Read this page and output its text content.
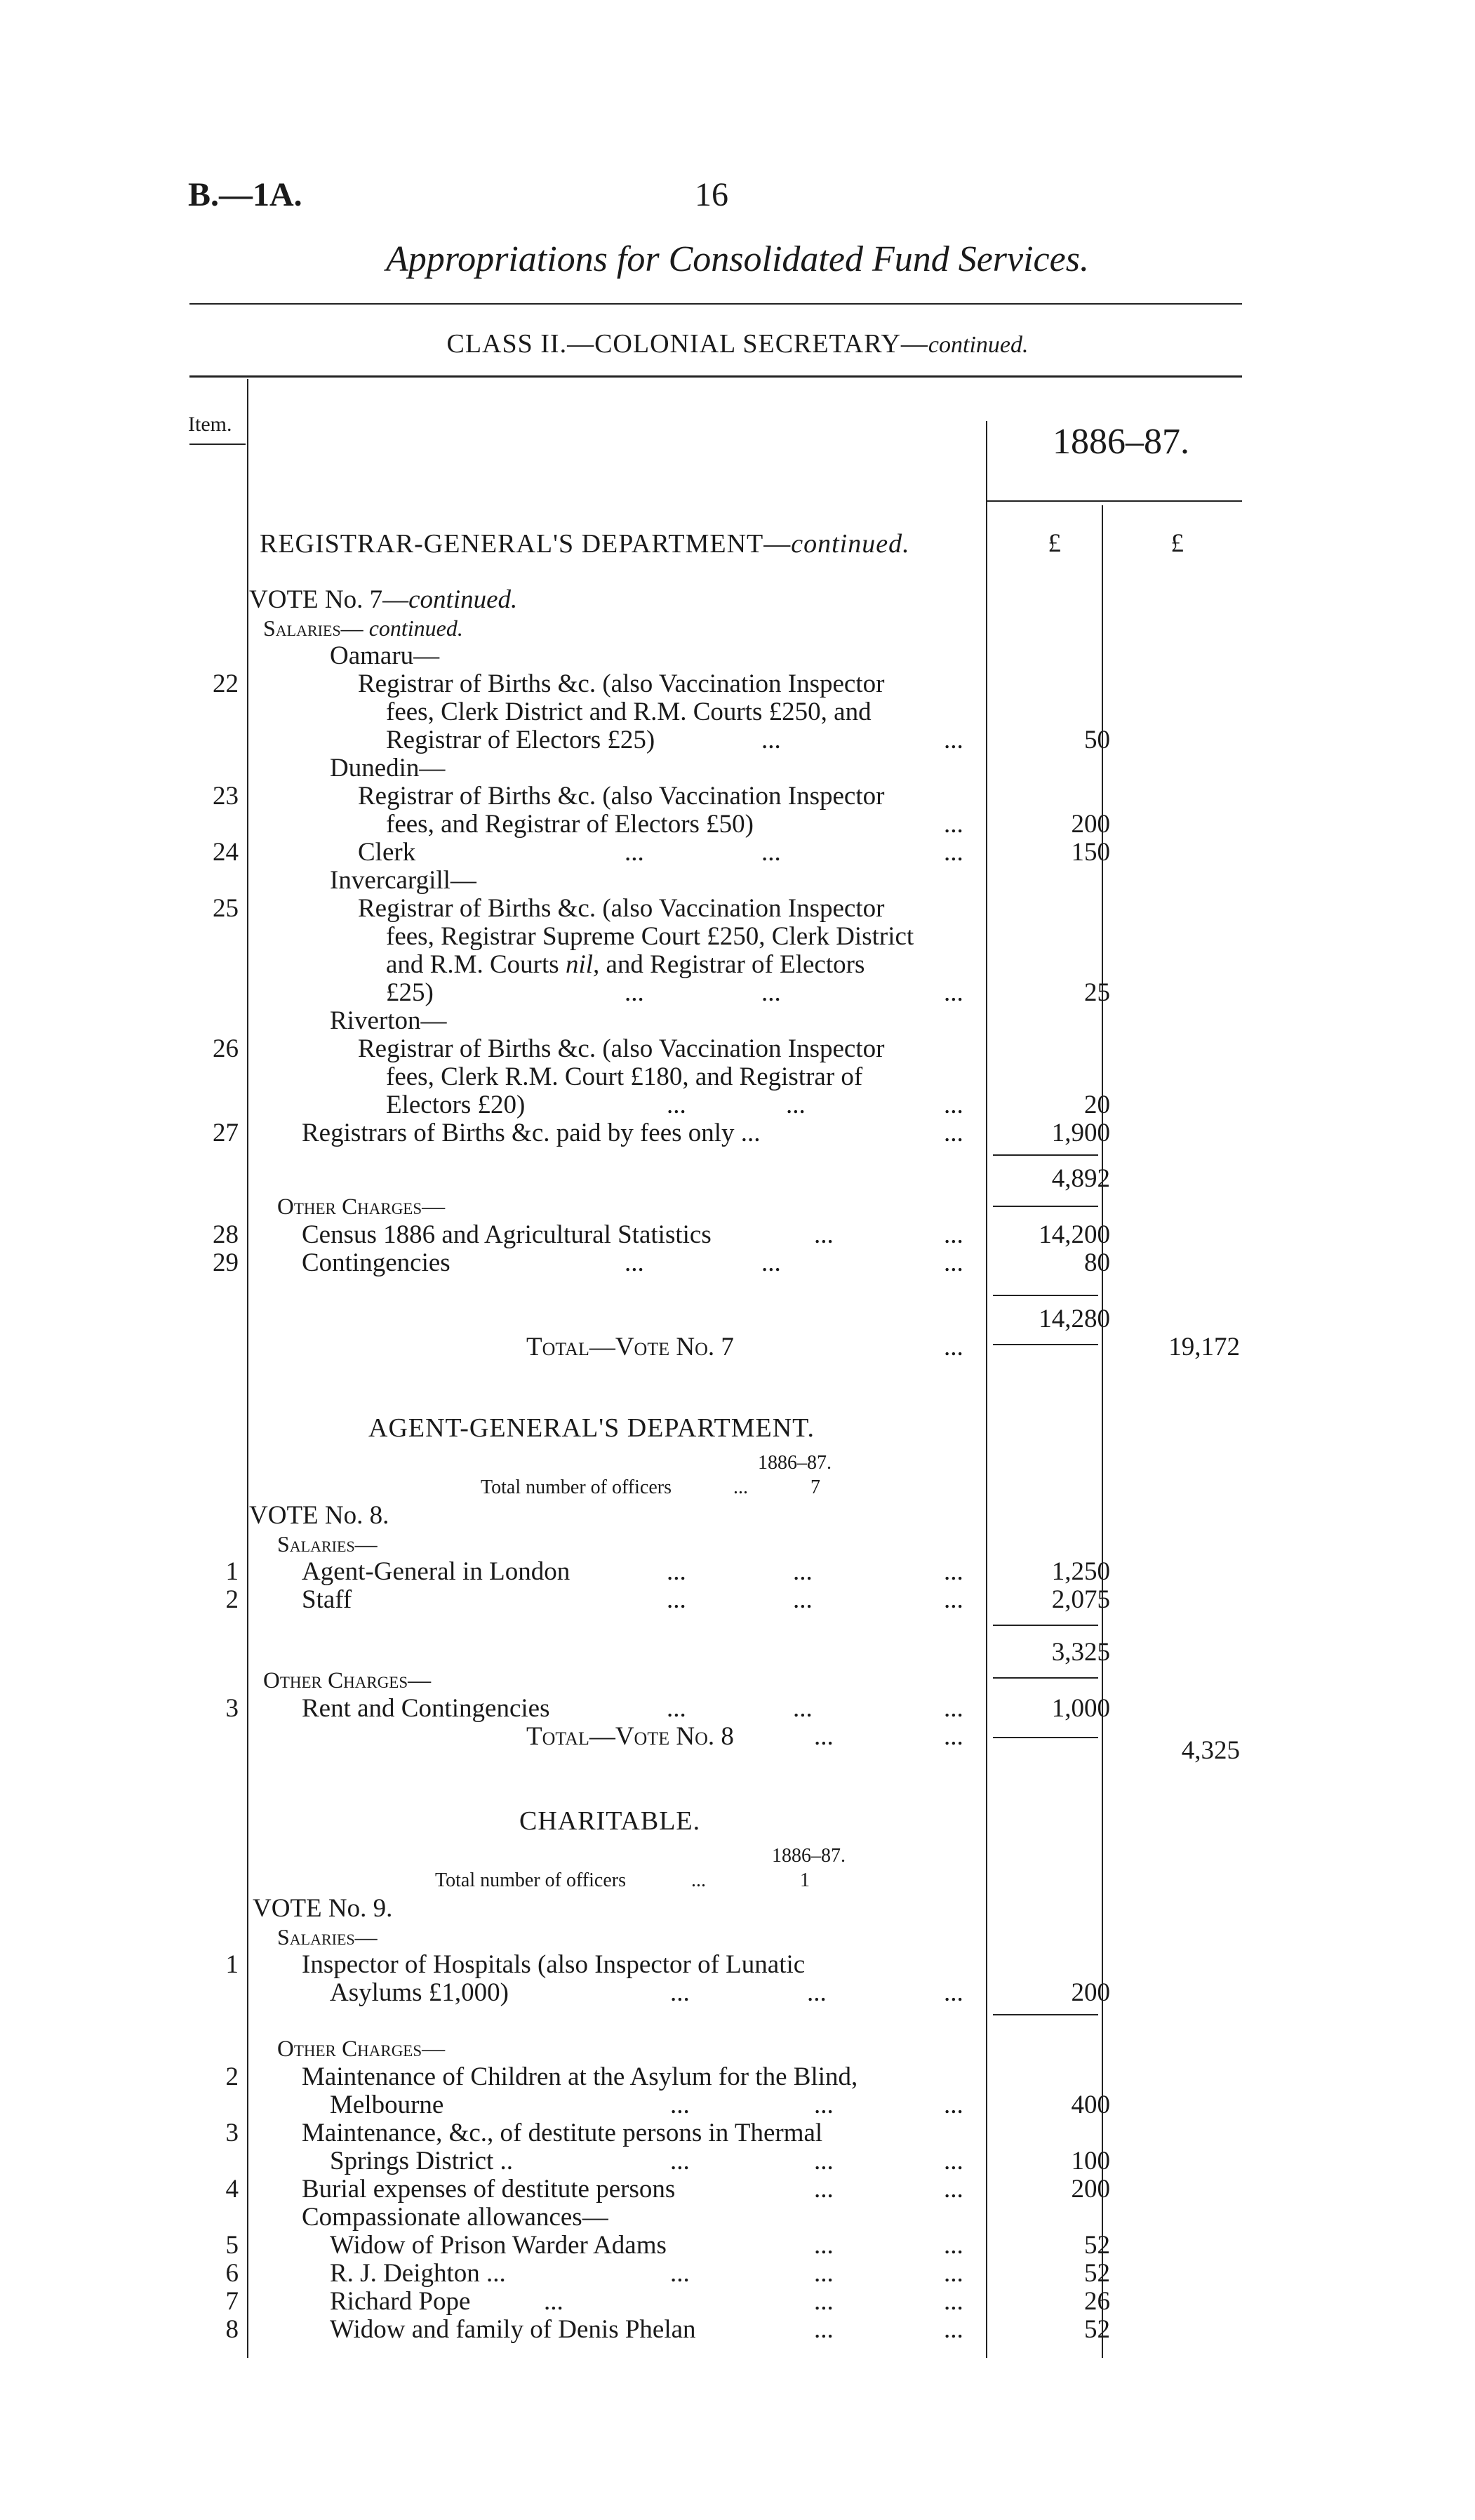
B.—1A.	16
Appropriations for Consolidated Fund Services.
CLASS II.—COLONIAL SECRETARY—continued.
Item.	1886–87.
REGISTRAR-GENERAL'S DEPARTMENT—continued.	£	£
VOTE No. 7—continued.
Salaries— continued.
Oamaru—
22	Registrar of Births &c. (also Vaccination Inspector
fees, Clerk District and R.M. Courts £250, and
Registrar of Electors £25)	...	...	50
Dunedin—
23	Registrar of Births &c. (also Vaccination Inspector
fees, and Registrar of Electors £50)	...	200
24	Clerk	...	...	...	150
Invercargill—
25	Registrar of Births &c. (also Vaccination Inspector
fees, Registrar Supreme Court £250, Clerk District
and R.M. Courts nil, and Registrar of Electors
£25)	...	...	...	25
Riverton—
26	Registrar of Births &c. (also Vaccination Inspector
fees, Clerk R.M. Court £180, and Registrar of
Electors £20)	...	...	...	20
27 Registrars of Births &c. paid by fees only ...	...	1,900
4,892
Other Charges—
28 Census 1886 and Agricultural Statistics	...	...	14,200
29 Contingencies	...	...	...	80
14,280
Total—Vote No. 7	...	19,172
AGENT-GENERAL'S DEPARTMENT.
1886–87.
Total number of officers	...	7
VOTE No. 8.
Salaries—
1 Agent-General in London	...	...	...	1,250
2 Staff	...	...	...	2,075
3,325
Other Charges—
3 Rent and Contingencies	...	...	...	1,000
Total—Vote No. 8	...	...	4,325
CHARITABLE.
1886–87.
Total number of officers	...	1
VOTE No. 9.
Salaries—
1 Inspector of Hospitals (also Inspector of Lunatic
Asylums £1,000)	...	...	...	200
Other Charges—
2 Maintenance of Children at the Asylum for the Blind,
Melbourne	...	...	...	400
3 Maintenance, &c., of destitute persons in Thermal
Springs District ..	...	...	...	100
4 Burial expenses of destitute persons	...	...	200
Compassionate allowances—
5	Widow of Prison Warder Adams	...	...	52
6	R. J. Deighton ...	...	...	...	52
7	Richard Pope	...	...	...	26
8	Widow and family of Denis Phelan	...	...	52
